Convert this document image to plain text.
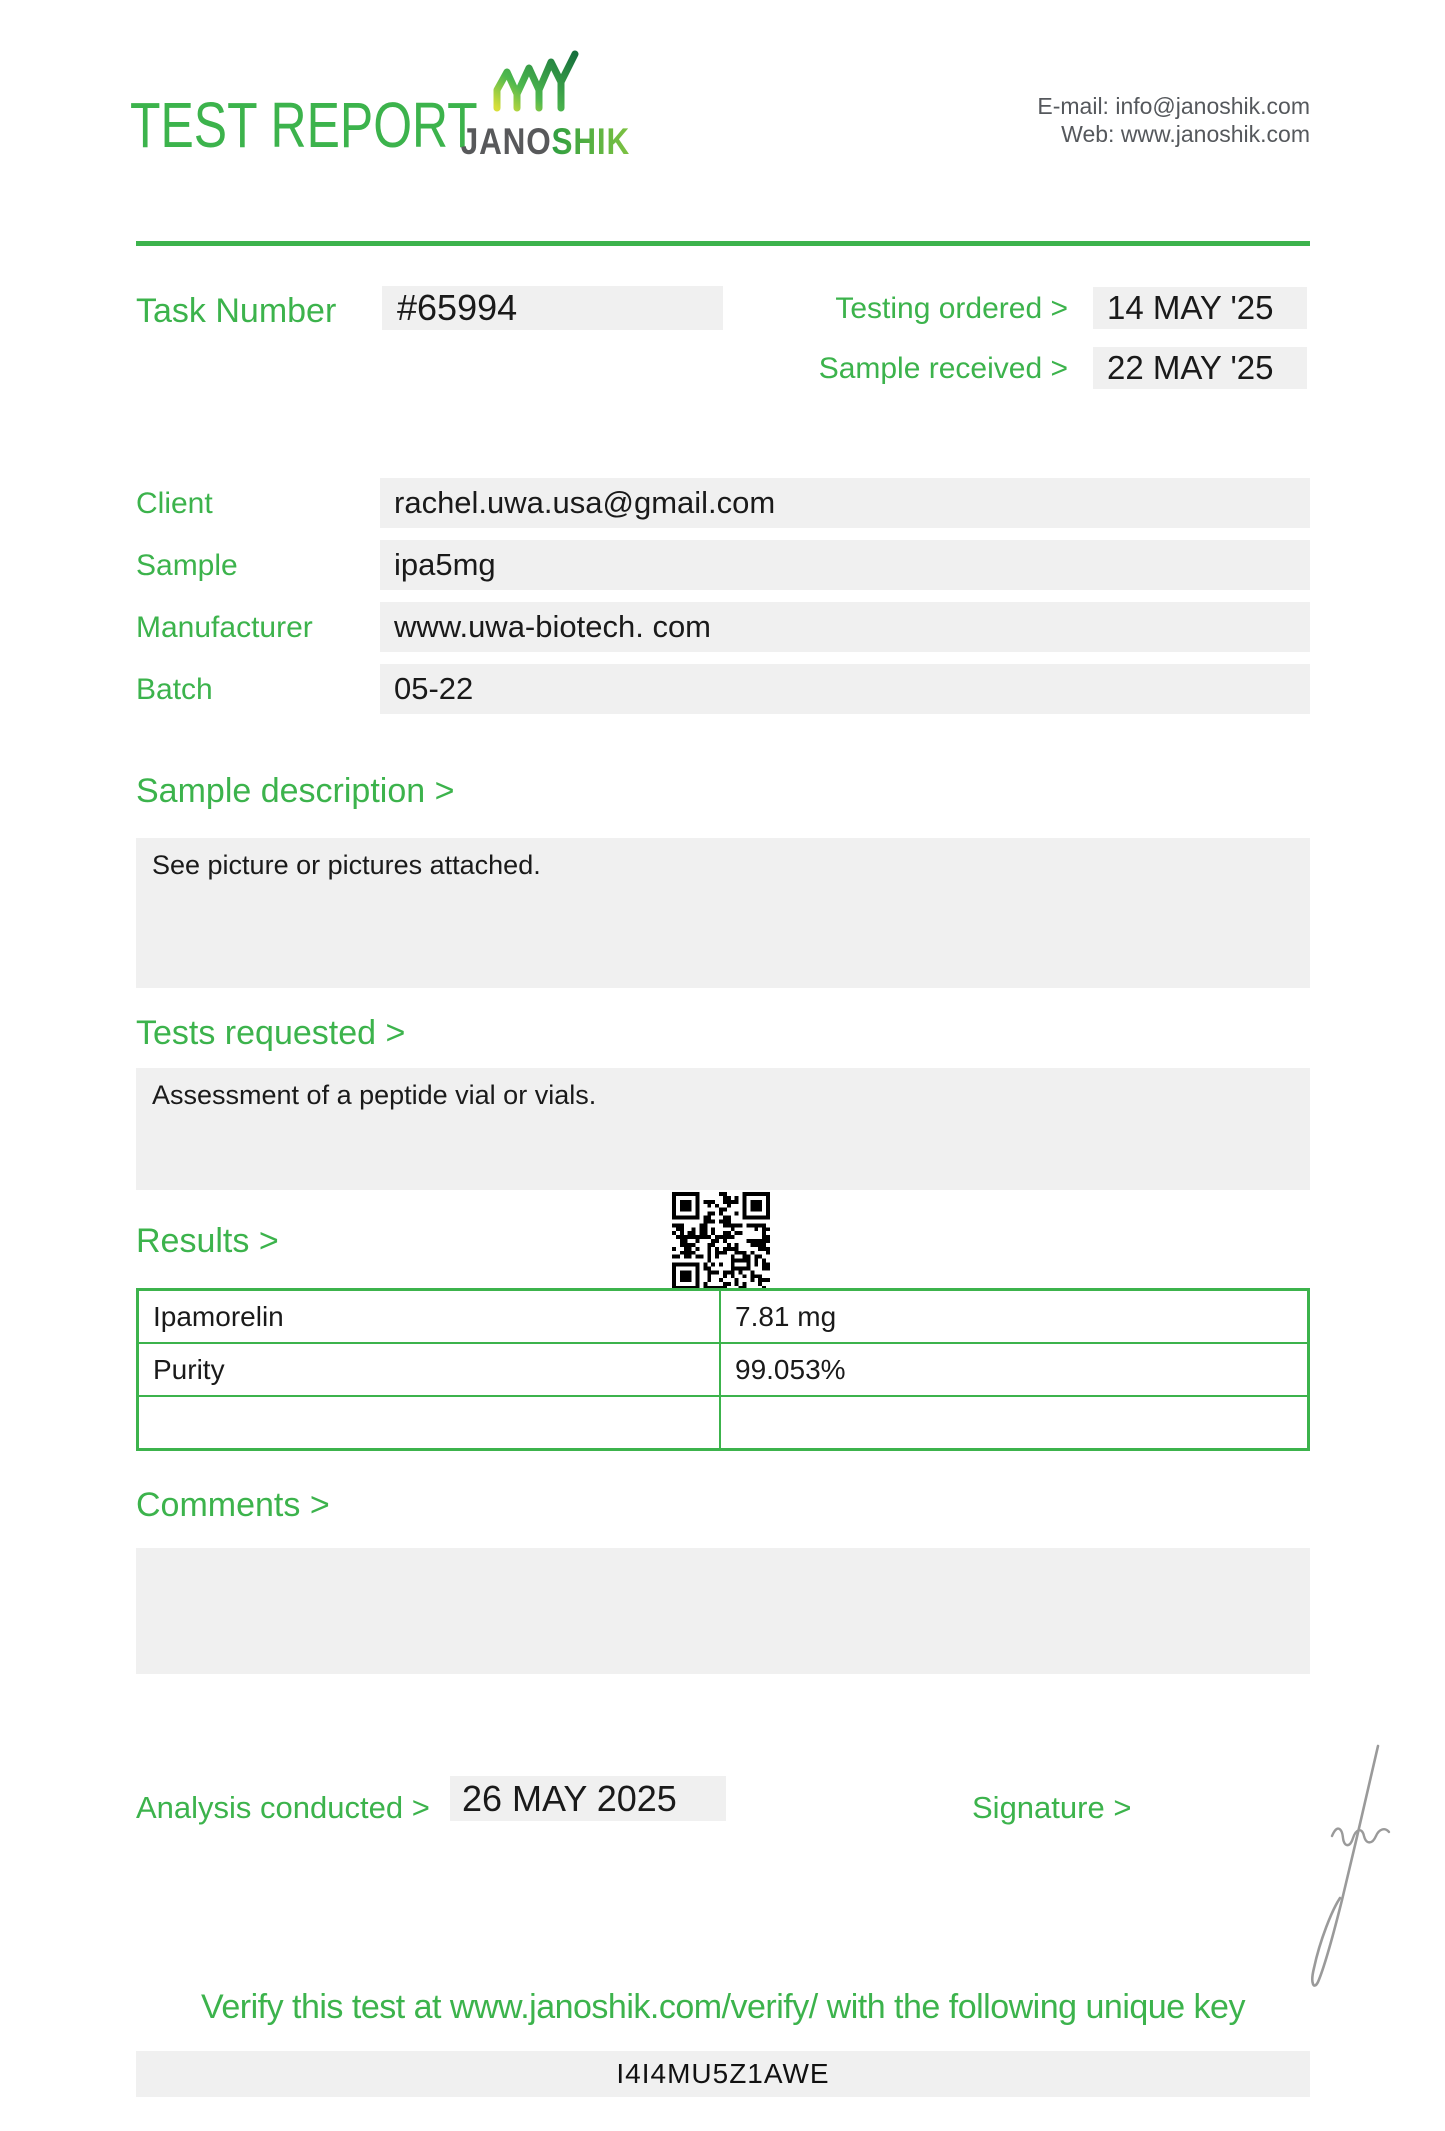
TEST REPORT
JANOSHIK
E-mail: info@janoshik.com
Web: www.janoshik.com
Task Number	#65994	Testing ordered >	14 MAY '25
Sample received >	22 MAY '25
Client	rachel.uwa.usa@gmail.com
Sample	ipa5mg
Manufacturer	www.uwa-biotech. com
Batch	05-22
Sample description >
See picture or pictures attached.
Tests requested >
Assessment of a peptide vial or vials.
Results >
Ipamorelin	7.81 mg
Purity	99.053%
Comments >
Analysis conducted > 26 MAY 2025	Signature >
Verify this test at www.janoshik.com/verify/ with the following unique key
I4I4MU5Z1AWE
